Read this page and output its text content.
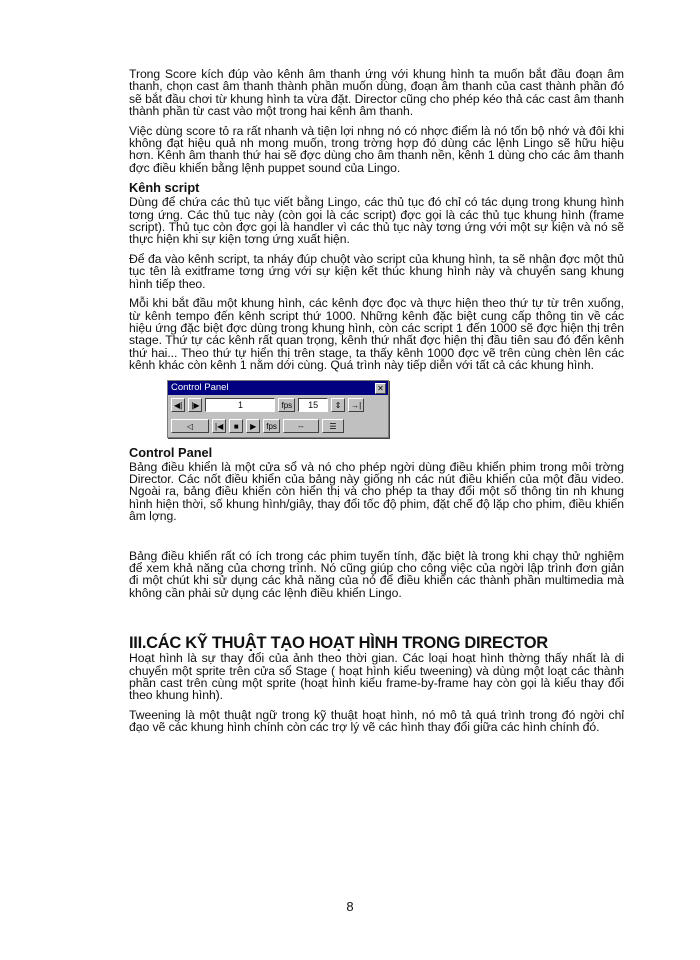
Trong Score kích đúp vào kênh âm thanh ứng với khung hình ta muốn bắt đầu đoạn âm thanh, chọn cast âm thanh thành phần muốn dùng, đoạn âm thanh của cast thành phần đó sẽ bắt đầu chơi từ khung hình ta vừa đặt. Director cũng cho phép kéo thả các cast âm thanh thành phần từ cast vào một trong hai kênh âm thanh.

Việc dùng score tỏ ra rất nhanh và tiện lợi nhng nó có nhợc điểm là nó tốn bộ nhớ và đôi khi không đạt hiệu quả nh mong muốn, trong trờng hợp đó dùng các lệnh Lingo sẽ hữu hiệu hơn. Kênh âm thanh thứ hai sẽ đợc dùng cho âm thanh nền, kênh 1 dùng cho các âm thanh đợc điều khiển bằng lệnh puppet sound của Lingo.

Kênh script

Dùng để chứa các thủ tục viết bằng Lingo, các thủ tục đó chỉ có tác dụng trong khung hình tơng ứng. Các thủ tục này (còn gọi là các script) đợc gọi là các thủ tục khung hình (frame script). Thủ tục còn đợc gọi là handler vì các thủ tục này tơng ứng với một sự kiện và nó sẽ thực hiện khi sự kiện tơng ứng xuất hiện.

Để đa vào kênh script, ta nháy đúp chuột vào script của khung hình, ta sẽ nhận đợc một thủ tục tên là exitframe tơng ứng với sự kiện kết thúc khung hình này và chuyển sang khung hình tiếp theo.

Mỗi khi bắt đầu một khung hình, các kênh đợc đọc và thực hiện theo thứ tự từ trên xuống, từ kênh tempo đến kênh script thứ 1000. Những kênh đặc biệt cung cấp thông tin về các hiệu ứng đặc biệt đợc dùng trong khung hình, còn các script 1 đến 1000 sẽ đợc hiện thị trên stage. Thứ tự các kênh rất quan trọng, kênh thứ nhất đợc hiện thị đầu tiên sau đó đến kênh thứ hai... Theo thứ tự hiển thị trên stage, ta thấy kênh 1000 đợc vẽ trên cùng chèn lên các kênh khác còn kênh 1 nằm dới cùng. Quá trình này tiếp diễn với tất cả các khung hình.

Control Panel	✕
◀|	|▶	1	fps	15	⇕	→|
◁	|◀	■	▶	fps	--	☰
Control Panel

Bảng điều khiển là một cửa sổ và nó cho phép ngời dùng điều khiển phim trong môi trờng Director. Các nốt điều khiển của bảng này giống nh các nút điều khiển của một đầu video. Ngoài ra, bảng điều khiển còn hiển thị và cho phép ta thay đổi một số thông tin nh khung hình hiện thời, số khung hình/giây, thay đổi tốc độ phim, đặt chế độ lặp cho phim, điều khiển âm lợng.

Bảng điều khiển rất có ích trong các phim tuyến tính, đặc biệt là trong khi chạy thử nghiệm để xem khả năng của chơng trình. Nó cũng giúp cho công việc của ngời lập trình đơn giản đi một chút khi sử dụng các khả năng của nó để điều khiển các thành phần multimedia mà không cần phải sử dụng các lệnh điều khiển Lingo.

III.CÁC KỸ THUẬT TẠO HOẠT HÌNH TRONG DIRECTOR

Hoạt hình là sự thay đổi của ảnh theo thời gian. Các loại hoạt hình thờng thấy nhất là di chuyển một sprite trên cửa sổ Stage ( hoạt hình kiểu tweening) và dùng một loạt các thành phần cast trên cùng một sprite (hoạt hình kiểu frame-by-frame hay còn gọi là kiểu thay đổi theo khung hình).

Tweening là một thuật ngữ trong kỹ thuật hoạt hình, nó mô tả quá trình trong đó ngời chỉ đạo vẽ các khung hình chính còn các trợ lý vẽ các hình thay đổi giữa các hình chính đó.

8
